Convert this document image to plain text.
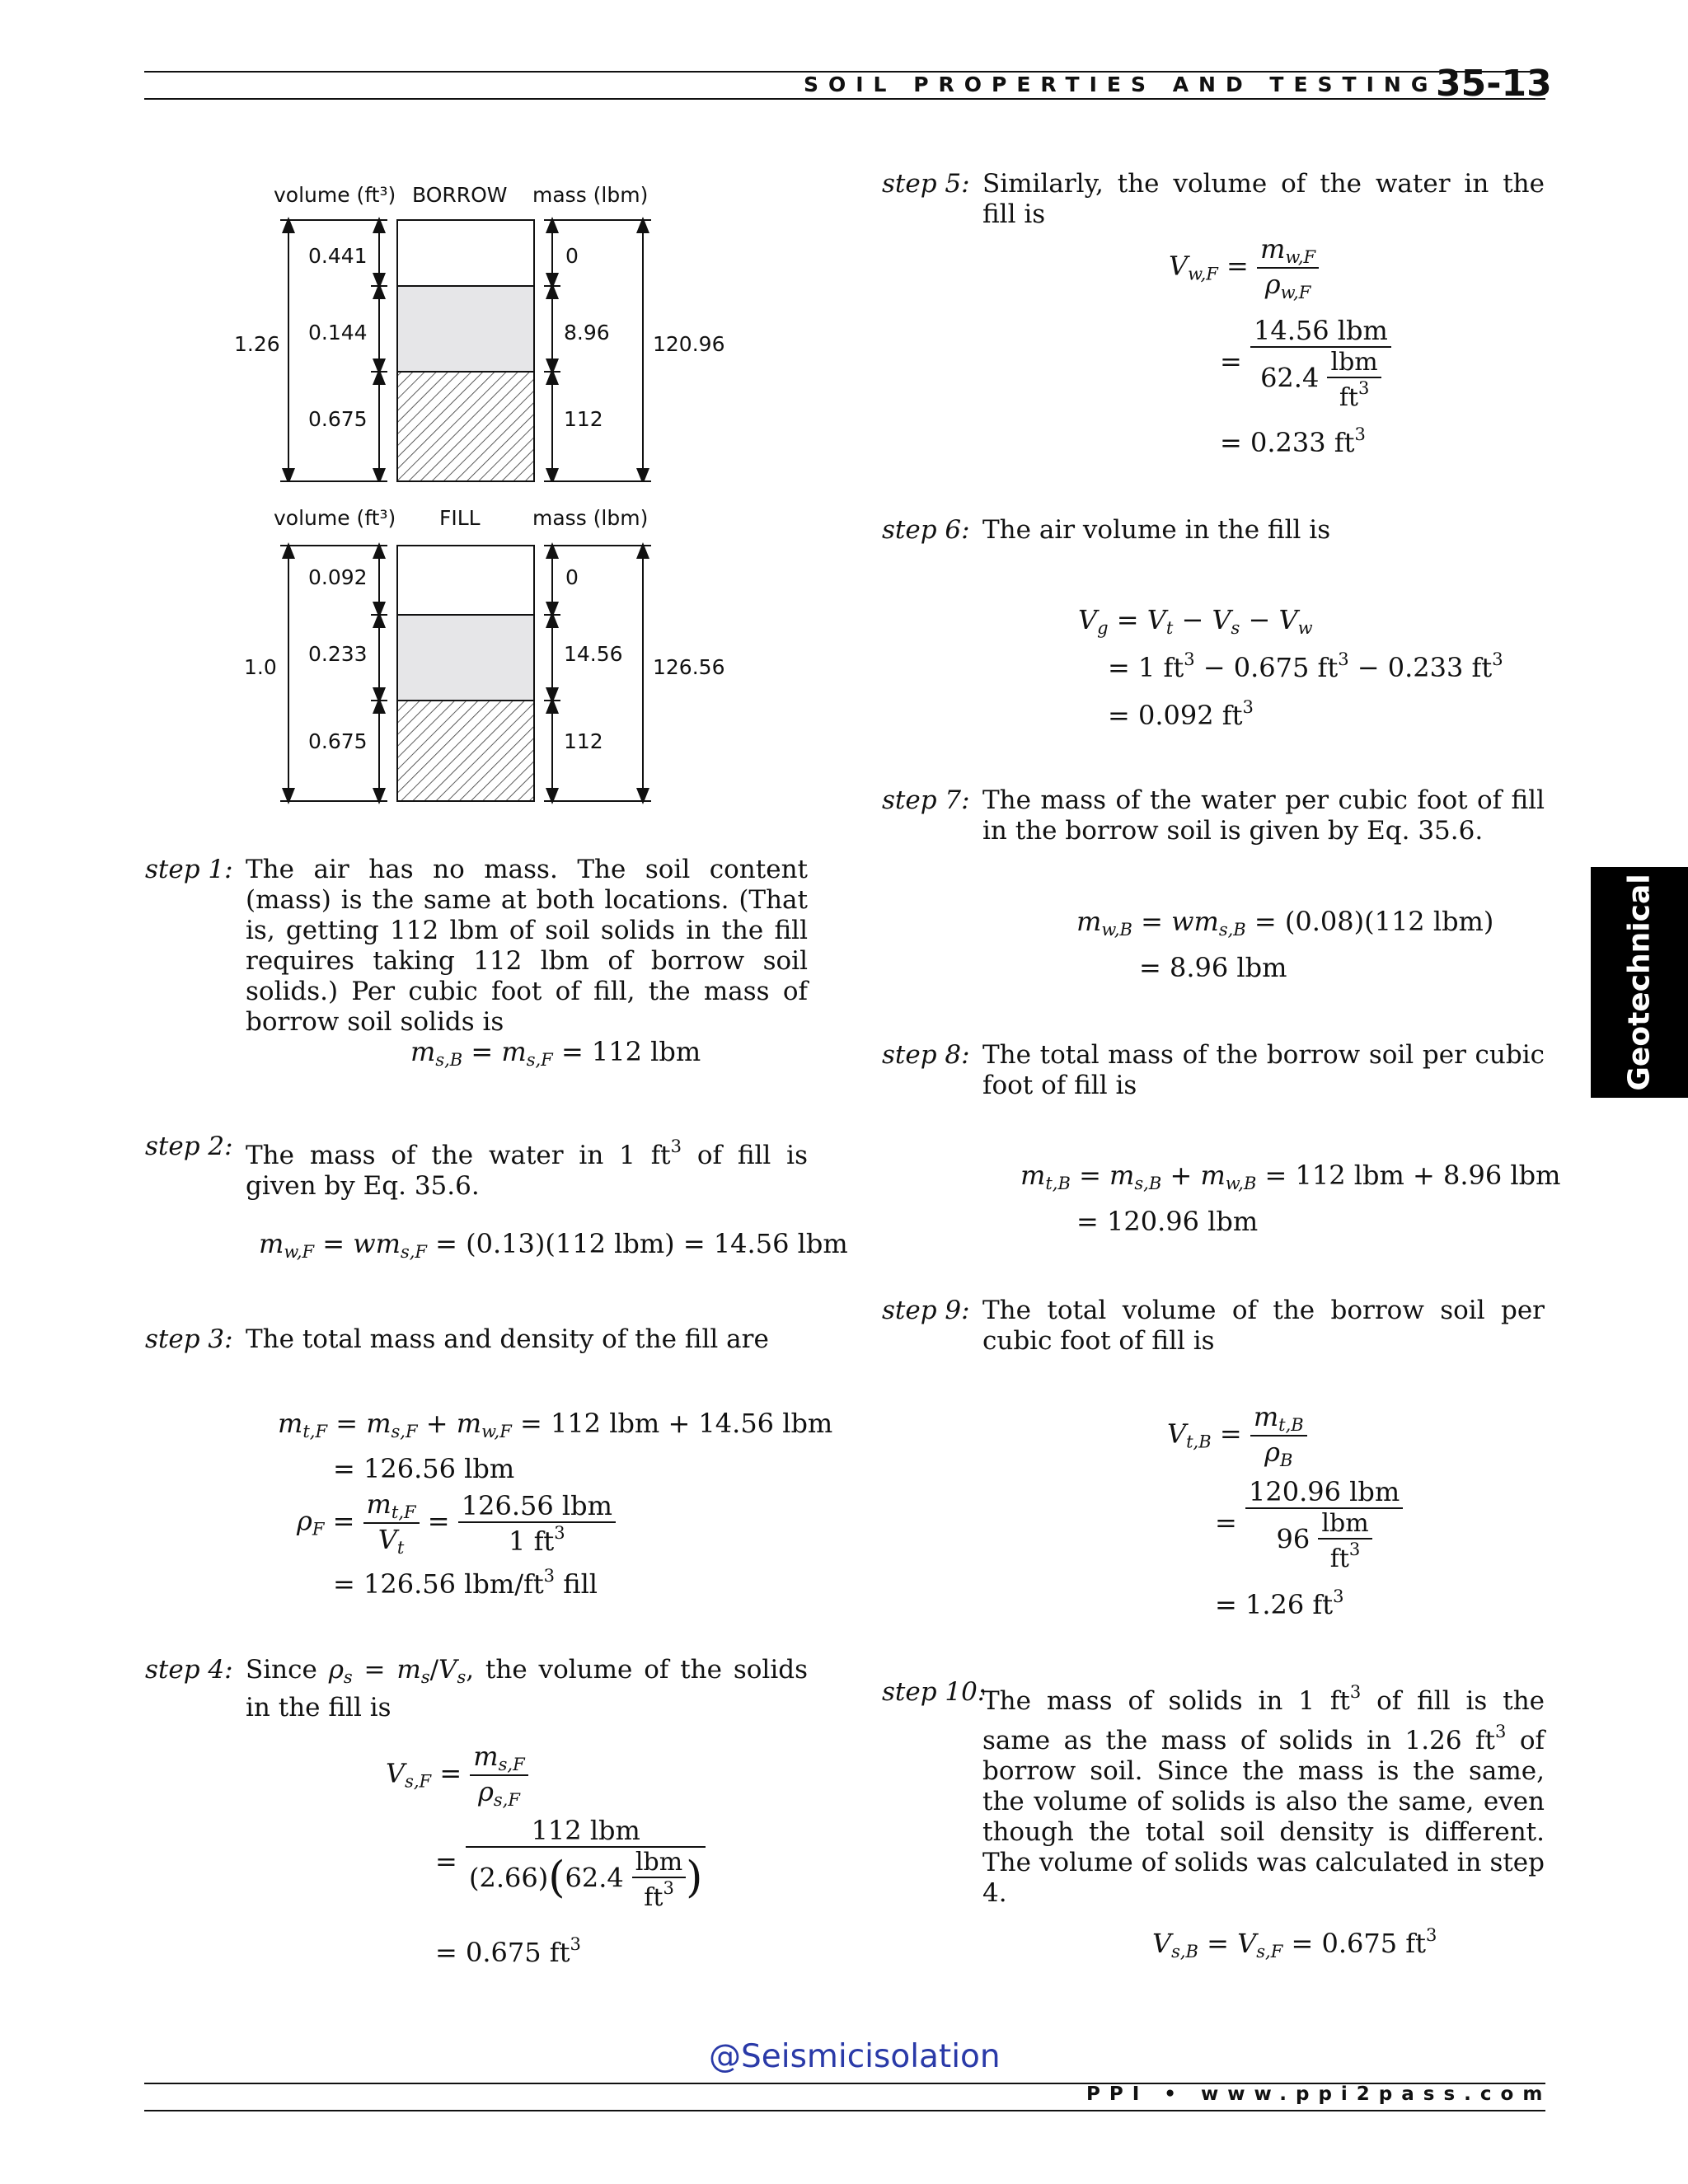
SOIL PROPERTIES AND TESTING
35-13
Geotechnical
volume (ft³) BORROW mass (lbm)
1.26	120.96
0.441
0.144
0.675
0
8.96
112
volume (ft³) FILL	mass (lbm)
1.0	126.56
0.092
0.233
0.675
0
14.56
112
step 1: The air has no mass. The soil content (mass) is the same at both locations. (That is, getting 112 lbm of soil solids in the fill requires taking 112 lbm of borrow soil solids.) Per cubic foot of fill, the mass of borrow soil solids is
$m_{s,B} = m_{s,F} = 112$ lbm
step 2: The mass of the water in 1 $ft^3$ of fill is given by Eq. 35.6.
$m_{w,F} = wm_{s,F} = (0.13)(112$ lbm) = 14.56 lbm
step 3: The total mass and density of the fill are
$m_{t,F} = m_{s,F} + m_{w,F} = 112$ lbm + 14.56 lbm
= 126.56 lbm
$\rho_F = \frac{m_{t,F}}{V_t} = \frac{\text{126.56 lbm}}{1 ft^3}$
= 126.56 lbm/$ft^3$ fill
step 4: Since $\rho_s = m_s/V_s$, the volume of the solids in the fill is
$V_{s,F} = \frac{m_{s,F}}{\rho_{s,F}}$
= $\frac{\text{112 lbm}}{(2.66)(62.4 \frac{\text{lbm}}{ft^3} )}$
= 0.675 $ft^3$
step 5: Similarly, the volume of the water in the fill is
$V_{w,F} = \frac{m_{w,F}}{\rho_{w,F}}$
= $\frac{\text{14.56 lbm}}{62.4 \frac{\text{lbm}}{ft^3}}$
= 0.233 $ft^3$
step 6: The air volume in the fill is
$V_g = V_t - V_s - V_w$
= 1 $ft^3 - 0.675$ $ft^3 - 0.233$ $ft^3$
= 0.092 $ft^3$
step 7: The mass of the water per cubic foot of fill in the borrow soil is given by Eq. 35.6.
$m_{w,B} = wm_{s,B} = (0.08)(112$ lbm)
= 8.96 lbm
step 8: The total mass of the borrow soil per cubic foot of fill is
$m_{t,B} = m_{s,B} + m_{w,B} = 112$ lbm + 8.96 lbm
= 120.96 lbm
step 9: The total volume of the borrow soil per cubic foot of fill is
$V_{t,B} = \frac{m_{t,B}}{\rho_B}$
= $\frac{\text{120.96 lbm}}{96 \frac{\text{lbm}}{ft^3}}$
= 1.26 $ft^3$
step 10:
The mass of solids in 1 $ft^3$ of fill is the same as the mass of solids in 1.26 $ft^3$ of borrow soil. Since the mass is the same, the volume of solids is also the same, even though the total soil density is different. The volume of solids was calculated in step 4.
$V_{s,B} = V_{s,F} = 0.675$ $ft^3$
@Seismicisolation
PPI • www.ppi2pass.com
